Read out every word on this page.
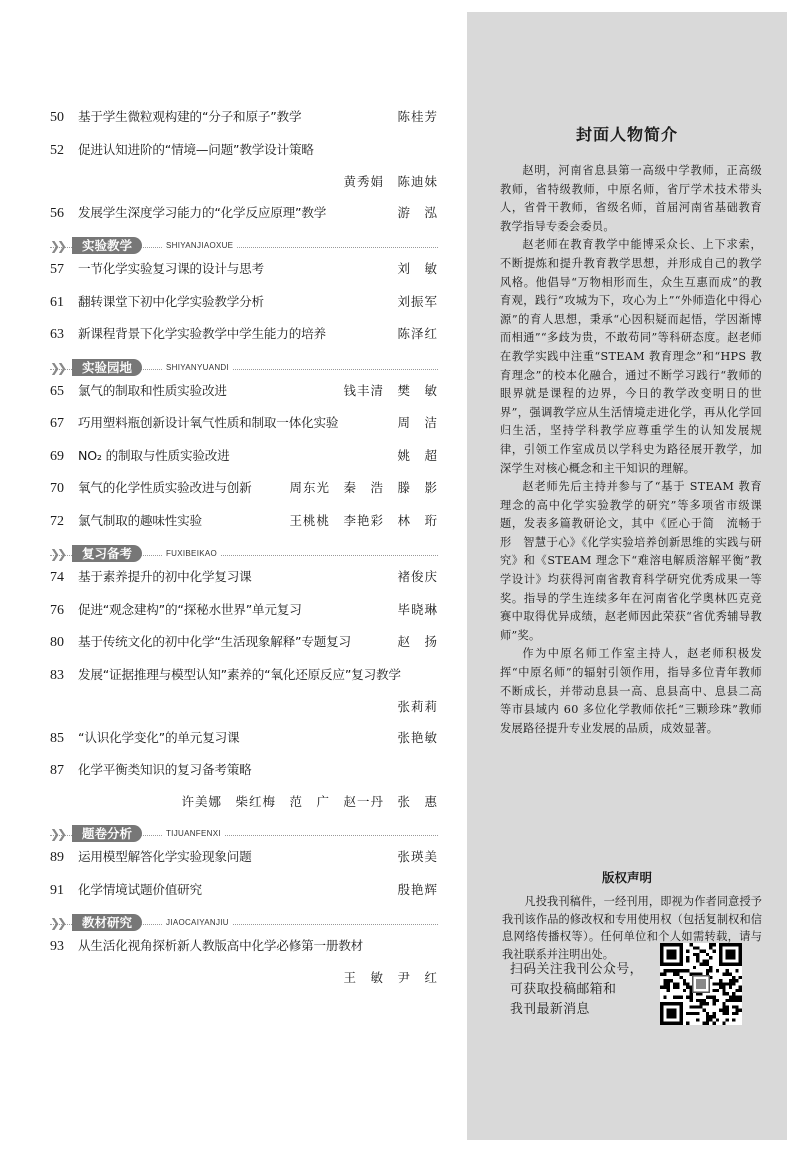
50	基于学生微粒观构建的“分子和原子”教学	陈桂芳
52	促进认知进阶的“情境—问题”教学设计策略
黄秀娟　陈迪妹
56	发展学生深度学习能力的“化学反应原理”教学	游　泓
❯❯	实验教学	SHIYANJIAOXUE
57	一节化学实验复习课的设计与思考	刘　敏
61	翻转课堂下初中化学实验教学分析	刘振军
63	新课程背景下化学实验教学中学生能力的培养	陈泽红
❯❯	实验园地	SHIYANYUANDI
65	氯气的制取和性质实验改进	钱丰清　樊　敏
67	巧用塑料瓶创新设计氧气性质和制取一体化实验	周　洁
69	NO₂ 的制取与性质实验改进	姚　超
70	氧气的化学性质实验改进与创新	周东光　秦　浩　滕　影
72	氯气制取的趣味性实验	王桃桃　李艳彩　林　珩
❯❯	复习备考	FUXIBEIKAO
74	基于素养提升的初中化学复习课	褚俊庆
76	促进“观念建构”的“探秘水世界”单元复习	毕晓琳
80	基于传统文化的初中化学“生活现象解释”专题复习	赵　扬
83	发展“证据推理与模型认知”素养的“氧化还原反应”复习教学
张莉莉
85	“认识化学变化”的单元复习课	张艳敏
87	化学平衡类知识的复习备考策略
许美娜　柴红梅　范　广　赵一丹　张　惠
❯❯	题卷分析	TIJUANFENXI
89	运用模型解答化学实验现象问题	张瑛美
91	化学情境试题价值研究	殷艳辉
❯❯	教材研究	JIAOCAIYANJIU
93	从生活化视角探析新人教版高中化学必修第一册教材
王　敏　尹　红
封面人物简介

赵明，河南省息县第一高级中学教师，正高级教师，省特级教师，中原名师，省厅学术技术带头人，省骨干教师，省级名师，首届河南省基础教育教学指导专委会委员。

赵老师在教育教学中能博采众长、上下求索，不断提炼和提升教育教学思想，并形成自己的教学风格。他倡导“万物相形而生，众生互惠而成”的教育观，践行“攻城为下，攻心为上”“外师造化中得心源”的育人思想，秉承“心因积疑而起悟，学因渐博而相通”“多歧为贵，不敢苟同”等科研态度。赵老师在教学实践中注重“STEAM 教育理念”和“HPS 教育理念”的校本化融合，通过不断学习践行“教师的眼界就是课程的边界，今日的教学改变明日的世界”，强调教学应从生活情境走进化学，再从化学回归生活，坚持学科教学应尊重学生的认知发展规律，引领工作室成员以学科史为路径展开教学，加深学生对核心概念和主干知识的理解。

赵老师先后主持并参与了“基于 STEAM 教育理念的高中化学实验教学的研究”等多项省市级课题，发表多篇教研论文，其中《匠心于简　流畅于形　智慧于心》《化学实验培养创新思维的实践与研究》和《STEAM 理念下“难溶电解质溶解平衡”教学设计》均获得河南省教育科学研究优秀成果一等奖。指导的学生连续多年在河南省化学奥林匹克竞赛中取得优异成绩，赵老师因此荣获“省优秀辅导教师”奖。

作为中原名师工作室主持人，赵老师积极发挥“中原名师”的辐射引领作用，指导多位青年教师不断成长，并带动息县一高、息县高中、息县二高等市县域内 60 多位化学教师依托“三颗珍珠”教师发展路径提升专业发展的品质，成效显著。

版权声明

凡投我刊稿件，一经刊用，即视为作者同意授予我刊该作品的修改权和专用使用权（包括复制权和信息网络传播权等）。任何单位和个人如需转载，请与我社联系并注明出处。

扫码关注我刊公众号，
可获取投稿邮箱和
我刊最新消息
